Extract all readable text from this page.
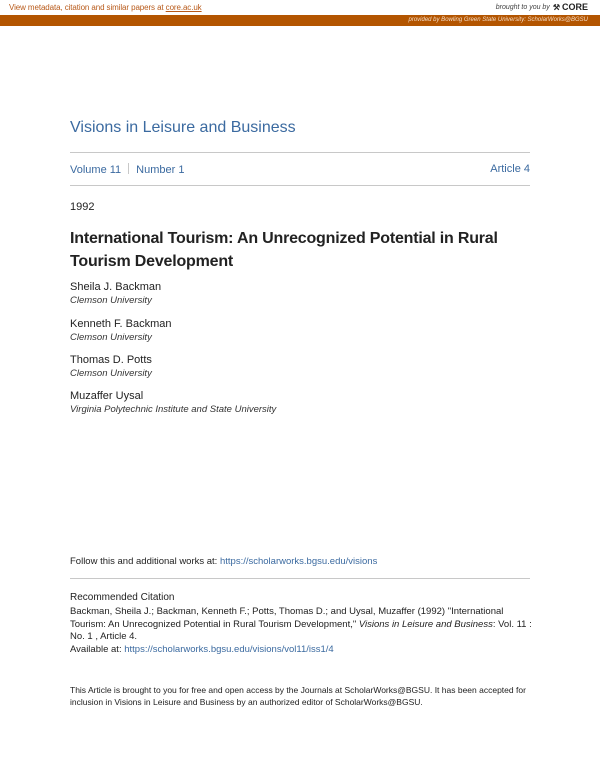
View metadata, citation and similar papers at core.ac.uk	brought to you by ⚒ CORE
provided by Bowling Green State University: ScholarWorks@BGSU
Visions in Leisure and Business
Volume 11 Number 1	Article 4
1992
International Tourism: An Unrecognized Potential in Rural Tourism Development
Sheila J. Backman
Clemson University
Kenneth F. Backman
Clemson University
Thomas D. Potts
Clemson University
Muzaffer Uysal
Virginia Polytechnic Institute and State University
Follow this and additional works at: https://scholarworks.bgsu.edu/visions
Recommended Citation
Backman, Sheila J.; Backman, Kenneth F.; Potts, Thomas D.; and Uysal, Muzaffer (1992) "International Tourism: An Unrecognized Potential in Rural Tourism Development," Visions in Leisure and Business: Vol. 11 : No. 1 , Article 4.
Available at: https://scholarworks.bgsu.edu/visions/vol11/iss1/4
This Article is brought to you for free and open access by the Journals at ScholarWorks@BGSU. It has been accepted for inclusion in Visions in Leisure and Business by an authorized editor of ScholarWorks@BGSU.
